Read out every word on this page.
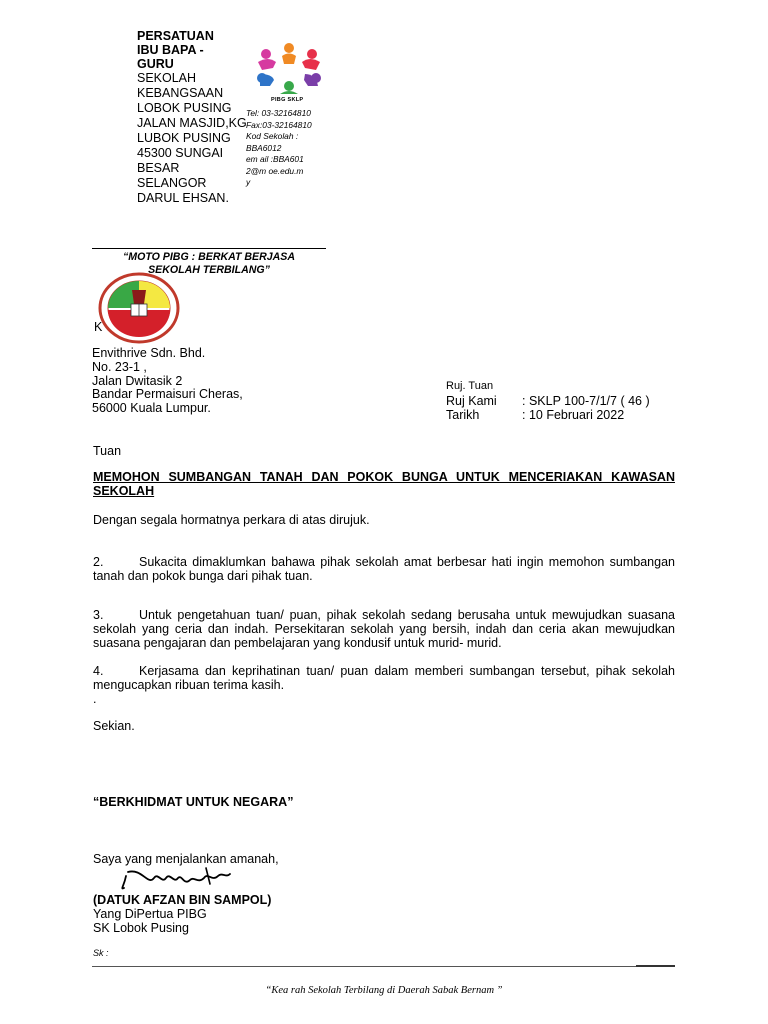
PERSATUAN IBU BAPA - GURU
SEKOLAH KEBANGSAAN LOBOK PUSING JALAN MASJID,KG LUBOK PUSING 45300 SUNGAI BESAR SELANGOR DARUL EHSAN.
PIBG SKLP
Tel: 03-32164810
Fax:03-32164810
Kod Sekolah :
BBA6012
em ail :BBA601
2@m oe.edu.m
y
“MOTO PIBG : BERKAT BERJASA
SEKOLAH TERBILANG”
K
Envithrive Sdn. Bhd.
No. 23-1 ,
Jalan Dwitasik 2
Bandar Permaisuri Cheras,
56000 Kuala Lumpur.
Ruj. Tuan
Ruj Kami	: SKLP 100-7/1/7 ( 46 )
Tarikh	: 10 Februari 2022
Tuan
MEMOHON SUMBANGAN TANAH DAN POKOK BUNGA UNTUK MENCERIAKAN KAWASAN SEKOLAH
Dengan segala hormatnya perkara di atas dirujuk.
2.	Sukacita dimaklumkan bahawa pihak sekolah amat berbesar hati ingin memohon sumbangan tanah dan pokok bunga dari pihak tuan.
3.	Untuk pengetahuan tuan/ puan, pihak sekolah sedang berusaha untuk mewujudkan suasana sekolah yang ceria dan indah. Persekitaran sekolah yang bersih, indah dan ceria akan mewujudkan suasana pengajaran dan pembelajaran yang kondusif untuk murid- murid.
4.	Kerjasama dan keprihatinan tuan/ puan dalam memberi sumbangan tersebut, pihak sekolah mengucapkan ribuan terima kasih.
.
Sekian.
“BERKHIDMAT UNTUK NEGARA”
Saya yang menjalankan amanah,
(DATUK AFZAN BIN SAMPOL)
Yang DiPertua PIBG
SK Lobok Pusing
Sk :
“Kea rah Sekolah Terbilang di Daerah Sabak Bernam ”
